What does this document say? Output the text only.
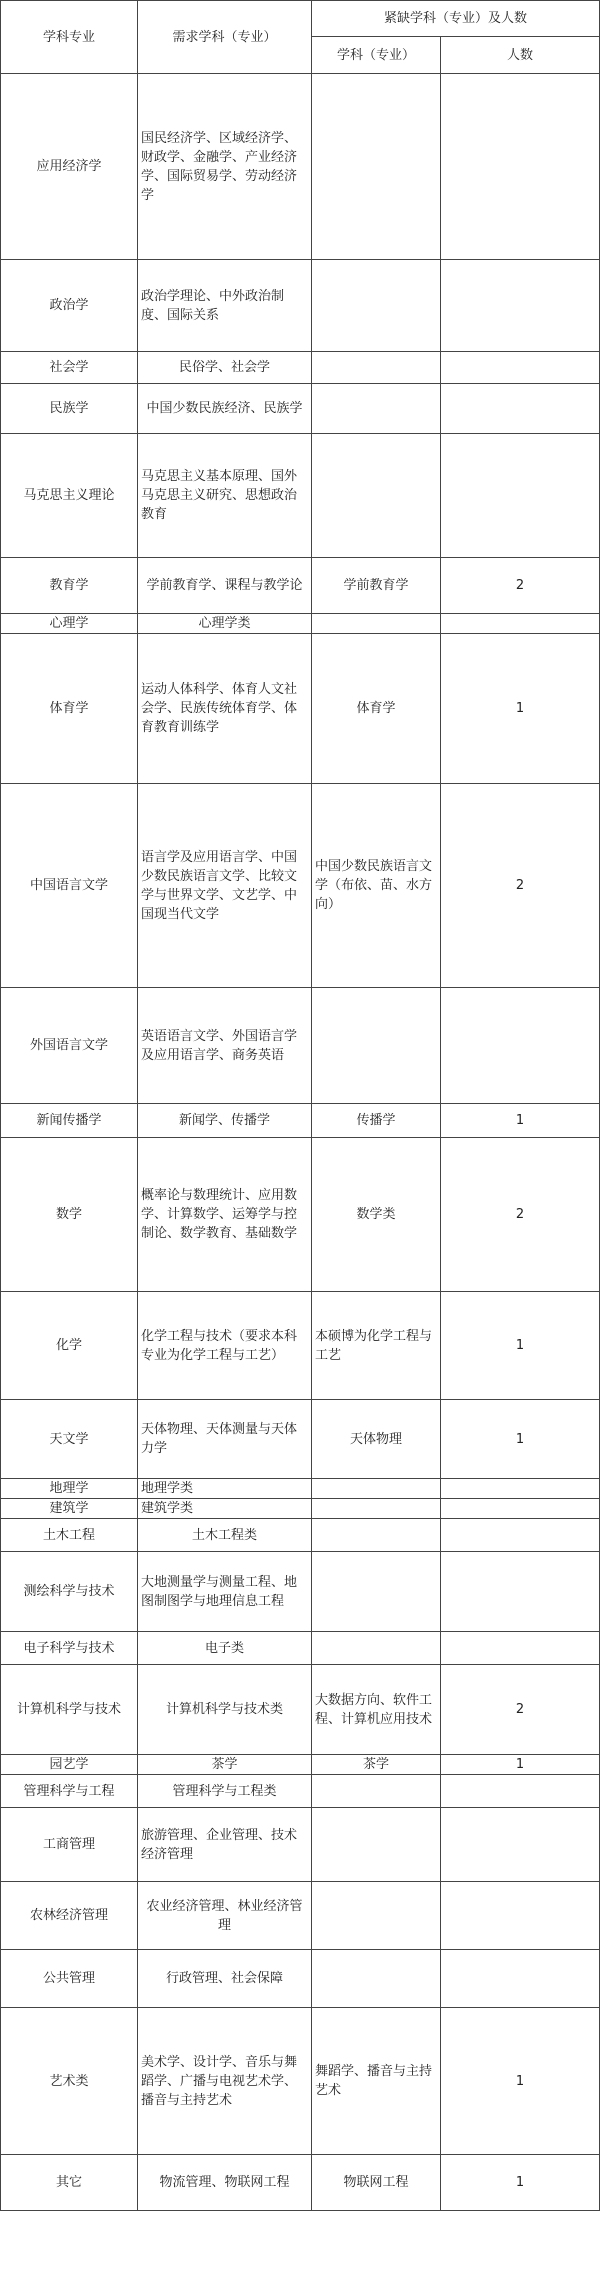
学科专业	需求学科（专业）	紧缺学科（专业）及人数	
		学科（专业）	人数
应用经济学	国民经济学、区域经济学、财政学、金融学、产业经济学、国际贸易学、劳动经济学		
政治学	政治学理论、中外政治制度、国际关系		
社会学	民俗学、社会学		
民族学	中国少数民族经济、民族学		
马克思主义理论	马克思主义基本原理、国外马克思主义研究、思想政治教育		
教育学	学前教育学、课程与教学论	学前教育学	2
心理学	心理学类		
体育学	运动人体科学、体育人文社会学、民族传统体育学、体育教育训练学	体育学	1
中国语言文学	语言学及应用语言学、中国少数民族语言文学、比较文学与世界文学、文艺学、中国现当代文学	中国少数民族语言文学（布依、苗、水方向）	2
外国语言文学	英语语言文学、外国语言学及应用语言学、商务英语		
新闻传播学	新闻学、传播学	传播学	1
数学	概率论与数理统计、应用数学、计算数学、运筹学与控制论、数学教育、基础数学	数学类	2
化学	化学工程与技术（要求本科专业为化学工程与工艺）	本硕博为化学工程与工艺	1
天文学	天体物理、天体测量与天体力学	天体物理	1
地理学	地理学类		
建筑学	建筑学类		
土木工程	土木工程类		
测绘科学与技术	大地测量学与测量工程、地图制图学与地理信息工程		
电子科学与技术	电子类		
计算机科学与技术	计算机科学与技术类	大数据方向、软件工程、计算机应用技术	2
园艺学	茶学	茶学	1
管理科学与工程	管理科学与工程类		
工商管理	旅游管理、企业管理、技术经济管理		
农林经济管理	农业经济管理、林业经济管理		
公共管理	行政管理、社会保障		
艺术类	美术学、设计学、音乐与舞蹈学、广播与电视艺术学、播音与主持艺术	舞蹈学、播音与主持艺术	1
其它	物流管理、物联网工程	物联网工程	1
